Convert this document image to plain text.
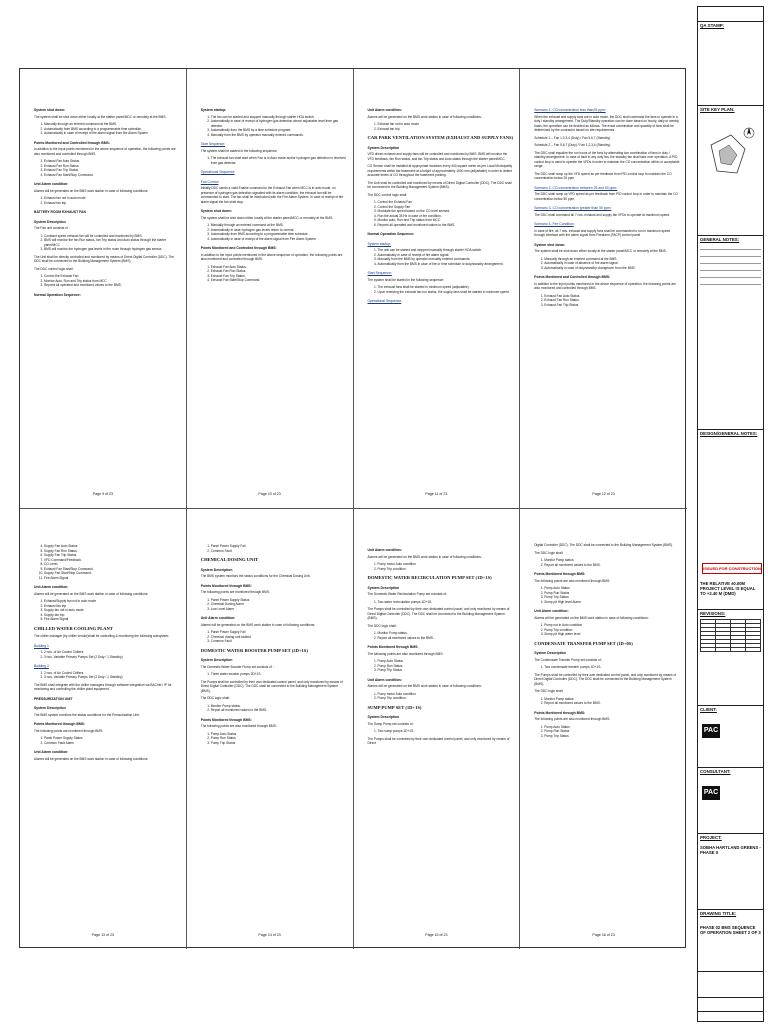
System shut down:

The system shall be shut down either locally at the starter panel/MCC or remotely at the BMS.

1. Manually through an entered command at the BMS.
2. Automatically from BMS according to a programmable time schedule.
3. Automatically in case of receipt of fire alarm signal from fire Alarm System
Points Monitored and Controlled through BMS:

In addition to the input points mentioned in the above sequence of operation, the following points are also monitored and controlled through BMS.

1. Exhaust Fan Auto Status.
2. Exhaust Fan Run Status.
3. Exhaust Fan Trip Status.
4. Exhaust Fan Start/Stop Command.
Unit Alarm condition:

Alarms will be generated on the BMS work station in case of following conditions:

1. Exhaust fan not in auto mode
2. Exhaust fan trip
BATTERY ROOM EXHAUST FAN
System Description

The Fan unit consists of :

1. Constant speed exhaust fan will be controlled and monitored by BMS.
2. BMS will monitor the fan Run status, fan Trip status and Auto status through the starter panel/MCC.
3. BMS will monitor the hydrogen gas levels in the room through hydrogen gas sensor.

The Unit shall be directly controlled and monitored by means of Direct Digital Controller (DDC). The DDC shall be connected to the Building Management System (BMS).

The DDC control logic shall:

1. Control the Exhaust Fan
2. Monitor Auto, Run and Trip status from MCC
3. Reports all operated and monitored values to the BMS.
Normal Operation Sequence:
Page 9 of 23
System startup:
1. The fan can be started and stopped manually through starter HOA switch.
2. Automatically in case of receipt of hydrogen gas detection above adjustable level from gas detector.
3. Automatically from the BMS by a time schedule program.
4. Manually from the BMS by operator manually entered commands.
Start Sequence:

The system shall be started in the following sequence:

1. The exhaust fan shall start when Fan is in Auto mode and/or hydrogen gas detection is received from gas detector.
Operational Sequence
Fan Control

Initially DDC sends a valid Enable command to the Exhaust Fan when MCC is in auto mode, on presence of hydrogen gas detection signalled with its alarm condition, the exhaust fan will be commanded to start. The fan shall be interlocked with the Fire Alarm System. In case of receipt of fire alarm signal the fan shall stop.

System shut down:

The system shall be shut down either locally at the starter panel/MCC or remotely at the BMS.

1. Manually through an entered command at the BMS.
2. Automatically in case hydrogen gas levels return to normal.
3. Automatically from BMS according to a programmable time schedule.
4. Automatically in case of receipt of fire alarm signal from Fire Alarm System
Points Monitored and Controlled through BMS:

In addition to the input points mentioned in the above sequence of operation, the following points are also monitored and controlled through BMS.

1. Exhaust Fan Auto Status.
2. Exhaust Fan Run Status.
3. Exhaust Fan Trip Status.
4. Exhaust Fan Start/Stop Command.
Page 10 of 23
Unit Alarm condition:

Alarms will be generated on the BMS work station in case of following conditions:

1. Exhaust fan not in auto mode
2. Exhaust fan trip
CAR PARK VENTILATION SYSTEM (EXHAUST AND SUPPLY FANS)
System Description

VFD driven exhaust and supply fans will be controlled and monitored by BMS. BMS will monitor the VFD feedback, fan Run status, and fan Trip status and Auto status through the starter panel/MCC.

CO Sensor shall be installed at appropriate locations every 400 square meter as per Local Municipality requirements within the basement at a height of approximately 1500 mm (adjustable) in order to detect accurate levels of CO throughout the basement parking.

The Unit shall be controlled and monitored by means of Direct Digital Controller (DDC). The DDC shall be connected to the Building Management System (BMS).

The DDC control logic shall:

1. Control the Exhaust Fan
2. Control the Supply Fan
3. Modulate the speed based on the CO level sensed.
4. Run the actual 35 Hz in case of fire condition.
5. Monitor auto, Run and Trip status from MCC.
6. Reports all operated and monitored values to the BMS.
Normal Operation Sequence:
System startup:
1. The unit can be started and stopped manually through starter HOA switch.
2. Automatically in case of receipt of fire alarm signal.
3. Manually from the BMS by operator manually entered commands.
4. Automatically from the BMS in case of fire or time schedule or duty/standby arrangement.
Start Sequence:

The system shall be started in the following sequence:

1. The exhaust fans shall be started in minimum speed (adjustable).
2. Upon receiving the exhaust fan run status, the supply fans shall be started in minimum speed.
Operational Sequence
Page 11 of 23
Scenario 1- CO concentration less than25 ppm:

When the exhaust and supply fans are in auto mode, the DDC shall command the fans to operate in a duty / standby arrangement. The Duty/Standby operation can be done based on hourly, daily or weekly basis, the operation can be decided as follows. The exact combination and quantity of fans shall be determined by the contractor based on site requirements.

Schedule 1 – Fan 1,2,3,4 (Duty) / Fan 5,6,7 (Standby)

Schedule 2 – Fan 5,6,7 (Duty) / Fan 1,2,3,4 (Standby)

The DDC shall equalize the run hours of the fans by alternating two combination of fans in duty / standby arrangement. In case of fault in any duty fan, the standby fan shall take over operation. A PID control loop is used to operate the VFDs in order to maintain the CO concentration within or acceptable range.

The DDC shall ramp up the VFD speed as per feedback from PID control loop to maintain the CO concentration below 25 ppm.

Scenario 2- CO concentration between 25 and 50 ppm:

The DDC shall ramp up VFD speed as per feedback from PID control loop in order to maintain the CO concentration below 50 ppm.

Scenario 3- CO concentration greater than 50 ppm:

The DDC shall command all 7 nos. exhaust and supply fan VFDs to operate at maximum speed.

Scenario 4- Fire Condition

In case of fire, all 7 nos. exhaust and supply fans shall be commanded to run in maximum speed through interface with the alarm signal from Firealarm (FACP) control panel

System shut down:

The system shall be shut down either locally at the starter panel/MCC or remotely at the BMS.

1. Manually through an entered command at the BMS.
2. Automatically in case of absence of fire alarm signal.
3. Automatically in case of duty/standby changeover from the BMS.
Points Monitored and Controlled through BMS:

In addition to the input points mentioned in the above sequence of operation, the following points are also monitored and controlled through BMS.

1. Exhaust Fan Auto Status.
2. Exhaust Fan Run Status.
3. Exhaust Fan Trip Status.
Page 12 of 23
4. Supply Fan Auto Status.
5. Supply Fan Run Status.
6. Supply Fan Trip Status.
7. VFD Command/Feedback.
8. CO Level.
9. Exhaust Fan Start/Stop Command.
10. Supply Fan Start/Stop Command.
11. Fire Alarm Signal
Unit Alarm condition:

Alarms will be generated on the BMS work station in case of following conditions:

1. Exhaust/Supply fan not in auto mode
2. Exhaust fan trip
3. Supply fan not in auto mode
4. Supply fan trip
5. Fire Alarm Signal
CHILLED WATER COOLING PLANT

The chiller manager (by chiller vendor)shall be controlling & monitoring the following subsystem.

Building 1
1. 2 nos. of Air Cooled Chillers
2. 3 nos. Variable Primary Pumps Set (2 Duty / 1 Standby)
Building 2
1. 2 nos. of Air Cooled Chillers
2. 3 nos. Variable Primary Pumps Set (2 Duty / 1 Standby)

The BMS shall integrate with the chiller managers through software integration via BACnet / IP for monitoring and controlling the chiller plant equipment.

PRESSURIZATION UNIT
System Description

The BMS system monitors the status conditions for the Pressurization Unit.

Points Monitored through BMS:

The following points are monitored through BMS:

1. Panel Power Supply Status
2. Common Fault Alarm
Unit Alarm condition:

Alarms will be generated on the BMS work station in case of following conditions:

Page 13 of 23
1. Panel Power Supply Fail
2. Common Fault
CHEMICAL DOSING UNIT
System Description

The BMS system monitors the status conditions for the Chemical Dosing Unit.

Points Monitored through BMS:

The following points are monitored through BMS:

1. Panel Power Supply Status
2. Chemical Dosing Alarm
3. Low Level Alarm
Unit Alarm condition:

Alarms will be generated on the BMS work station in case of following conditions:

1. Panel Power Supply Fail
2. Chemical dosing unit faulted
3. Common Fault
DOMESTIC WATER BOOSTER PUMP SET (2D+1S)
System Description

The Domestic Water Booster Pump set consists of :

1. Three water booster pumps 2D+1S.

The Pumps shall be controlled by their own dedicated control panel, and only monitored by means of Direct Digital Controller (DDC). The DDC shall be connected to the Building Management System (BMS).

The DDC logic shall:

1. Monitor Pump status.
2. Report all monitored values to the BMS.
Points Monitored through BMS:

The following points are also monitored through BMS:

1. Pump Auto Status
2. Pump Run Status
3. Pump Trip Status
Page 14 of 23
Unit Alarm condition:

Alarms will be generated on the BMS work station in case of following conditions:

1. Pump motor Auto condition
2. Pump Trip condition
DOMESTIC WATER RECIRCULATION PUMP SET (1D+1S)
System Description

The Domestic Water Recirculation Pump set consists of:

1. Two water recirculation pumps 1D+1S.

The Pumps shall be controlled by their own dedicated control panel, and only monitored by means of Direct Digital Controller (DDC). The DDC shall be connected to the Building Management System (BMS).

The DDC logic shall:

1. Monitor Pump status.
2. Report all monitored values to the BMS.
Points Monitored through BMS:

The following points are also monitored through BMS:

1. Pump Auto Status
2. Pump Run Status
3. Pump Trip Status
Unit Alarm condition:

Alarms will be generated on the BMS work station in case of following conditions:

1. Pump motor Auto condition
2. Pump Trip condition
SUMP PUMP SET (1D+1S)
System Description

The Sump Pump set consists of :

1. Two sump pumps 1D+1S.

The Pumps shall be controlled by their own dedicated control panel, and only monitored by means of Direct

Page 15 of 23

Digital Controller (DDC). The DDC shall be connected to the Building Management System (BMS).

The DDC logic shall:

1. Monitor Pump status.
2. Report all monitored values to the BMS.
Points Monitored through BMS:

The following points are also monitored through BMS:

1. Pump Auto Status
2. Pump Run Status
3. Pump Trip Status
4. Sump pit High level Alarm
Unit Alarm condition:

Alarms will be generated on the BMS work station in case of following conditions:

1. Pump not in Auto condition
2. Pump Trip condition
3. Sump pit High water level
CONDENSATE TRANSFER PUMP SET (1D+0S)
System Description

The Condensate Transfer Pump set consists of:

1. Two condensate transfer pumps 1D+1S.

The Pumps shall be controlled by their own dedicated control panel, and only monitored by means of Direct Digital Controller (DDC). The DDC shall be connected to the Building Management System (BMS).

The DDC logic shall:

1. Monitor Pump status.
2. Report all monitored values to the BMS.
Points Monitored through BMS:

The following points are also monitored through BMS:

1. Pump Auto Status
2. Pump Run Status
3. Pump Trip Status
Page 16 of 23

QA STAMP:
SITE KEY PLAN:
GENERAL NOTES:
DESIGN/GENERAL NOTES:
ISSUED FOR CONSTRUCTION
THE RELATIVE ±0.00M PROJECT LEVEL IS EQUAL TO +2.40 M (DMD)
REVISIONS:

CLIENT:
PAC
CONSULTANT:
PAC
PROJECT:
SOBHA HARTLAND GREENS - PHASE II
DRAWING TITLE:
PHASE 02 BMS SEQUENCE OF OPERATION SHEET 2 OF 3
